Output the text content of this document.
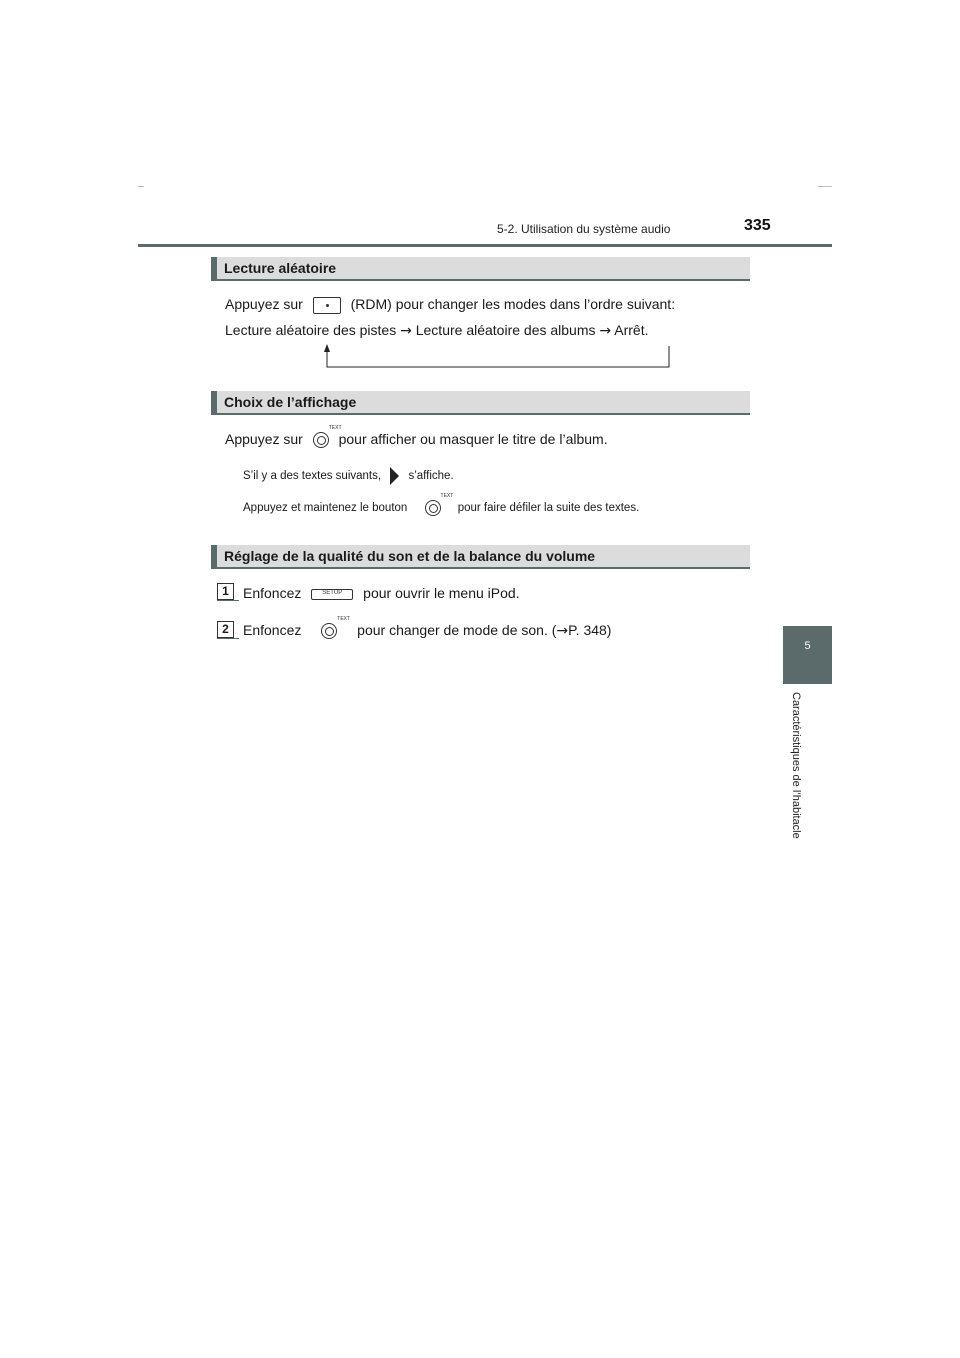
5-2. Utilisation du système audio	335
5
Caractéristiques de l’habitacle
Lecture aléatoire
Appuyez sur	(RDM) pour changer les modes dans l’ordre suivant:
Lecture aléatoire des pistes → Lecture aléatoire des albums → Arrêt.
Choix de l’affichage
Appuyez sur
TEXT
pour afficher ou masquer le titre de l’album.
S’il y a des textes suivants, s’affiche.
Appuyez et maintenez le bouton
TEXT
pour faire défiler la suite des textes.
Réglage de la qualité du son et de la balance du volume
1	Enfoncez	SETUP	pour ouvrir le menu iPod.
2	Enfoncez
TEXT
pour changer de mode de son. (→P. 348)
